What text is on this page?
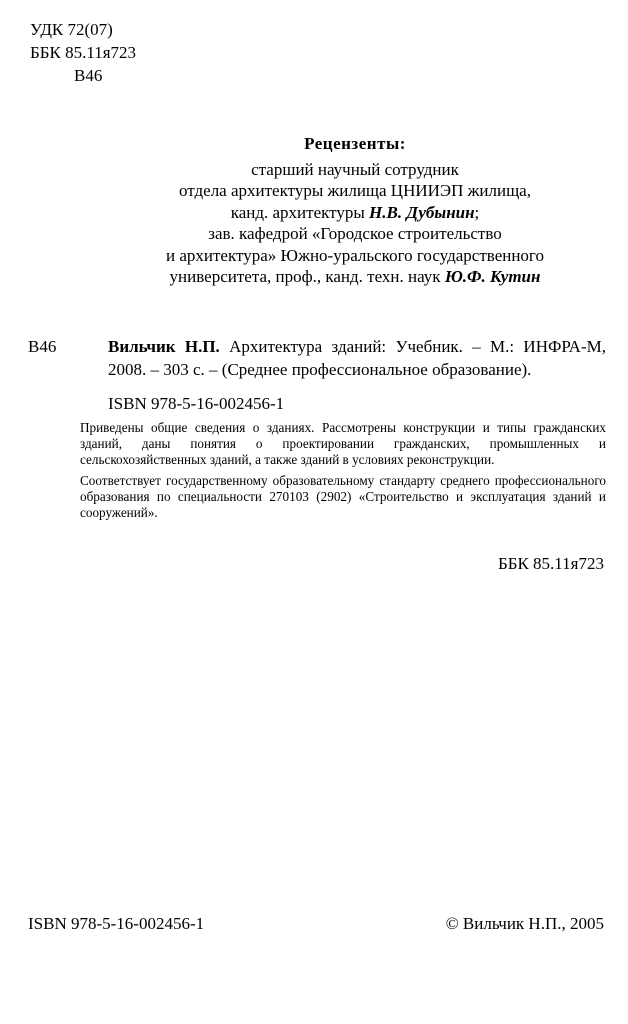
УДК 72(07)
ББК 85.11я723
В46
Рецензенты:
старший научный сотрудник
отдела архитектуры жилища ЦНИИЭП жилища,
канд. архитектуры Н.В. Дубынин;
зав. кафедрой «Городское строительство
и архитектура» Южно-уральского государственного
университета, проф., канд. техн. наук Ю.Ф. Кутин
В46	Вильчик Н.П. Архитектура зданий: Учебник. – М.: ИНФРА-М, 2008. – 303 с. – (Среднее профессиональное образование).
ISBN 978-5-16-002456-1

Приведены общие сведения о зданиях. Рассмотрены конструкции и типы гражданских зданий, даны понятия о проектировании гражданских, промышленных и сельскохозяйственных зданий, а также зданий в условиях реконструкции.

Соответствует государственному образовательному стандарту среднего профессионального образования по специальности 270103 (2902) «Строительство и эксплуатация зданий и сооружений».

ББК 85.11я723
ISBN 978-5-16-002456-1	© Вильчик Н.П., 2005
